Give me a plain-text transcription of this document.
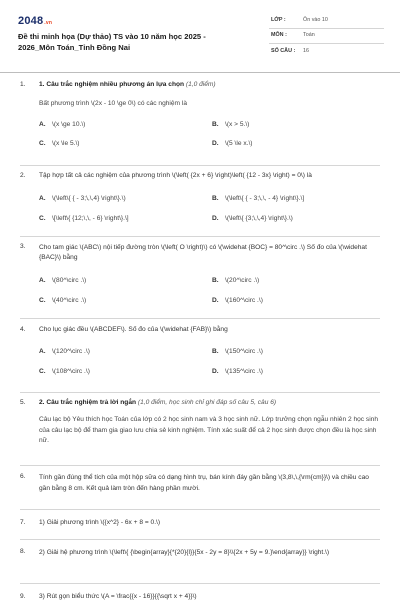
2048.vn
Đề thi minh họa (Dự thảo) TS vào 10 năm học 2025 - 2026_Môn Toán_Tỉnh Đồng Nai
LỚP :	Ôn vào 10
MÔN :	Toán
SỐ CÂU :	16
1.	1. Câu trắc nghiệm nhiều phương án lựa chọn (1,0 điểm)
Bất phương trình \(2x - 10 \ge 0\) có các nghiệm là
A. \(x \ge 10.\)	B. \(x > 5.\)
C. \(x \le 5.\)	D. \(5 \le x.\)
2.	Tập hợp tất cả các nghiệm của phương trình \(\left( {2x + 6} \right)\left( {12 - 3x} \right) = 0\) là
A. \(\left\{ { - 3;\,\,4} \right\}.\)	B. \(\left\{ { - 3;\,\, - 4} \right\}.\]
C. \[\left\{ {12;\,\, - 6} \right\}.\]	D. \(\left\{ {3;\,\,4} \right\}.\)
3.	Cho tam giác \(ABC\) nội tiếp đường tròn \(\left( O \right)\) có \(\widehat {BOC} = 80^\circ .\) Số đo của \(\widehat {BAC}\) bằng
A. \(80^\circ .\)	B. \(20^\circ .\)
C. \(40^\circ .\)	D. \(160^\circ .\)
4.	Cho lục giác đều \(ABCDEF\). Số đo của \(\widehat {FAB}\) bằng
A. \(120^\circ .\)	B. \(150^\circ .\)
C. \(108^\circ .\)	D. \(135^\circ .\)
5.	2. Câu trắc nghiệm trả lời ngắn (1,0 điểm, học sinh chỉ ghi đáp số câu 5, câu 6)
Câu lạc bộ Yêu thích học Toán của lớp có 2 học sinh nam và 3 học sinh nữ. Lớp trưởng chọn ngẫu nhiên 2 học sinh của câu lạc bộ để tham gia giao lưu chia sẻ kinh nghiệm. Tính xác suất để cả 2 học sinh được chọn đều là học sinh nữ.
6.	Tính gần đúng thể tích của một hộp sữa có dạng hình trụ, bán kính đáy gần bằng \(3,8\,\,{\rm{cm}}\) và chiều cao gần bằng 8 cm. Kết quả làm tròn đến hàng phần mười.
7.	1) Giải phương trình \({x^2} - 6x + 8 = 0.\)
8.	2) Giải hệ phương trình \(\left\{ {\begin{array}{*{20}{l}}{5x - 2y = 8}\\{2x + 5y = 9.}\end{array}} \right.\)
9.	3) Rút gọn biểu thức \(A = \frac{{x - 16}}{{\sqrt x + 4}}\)
